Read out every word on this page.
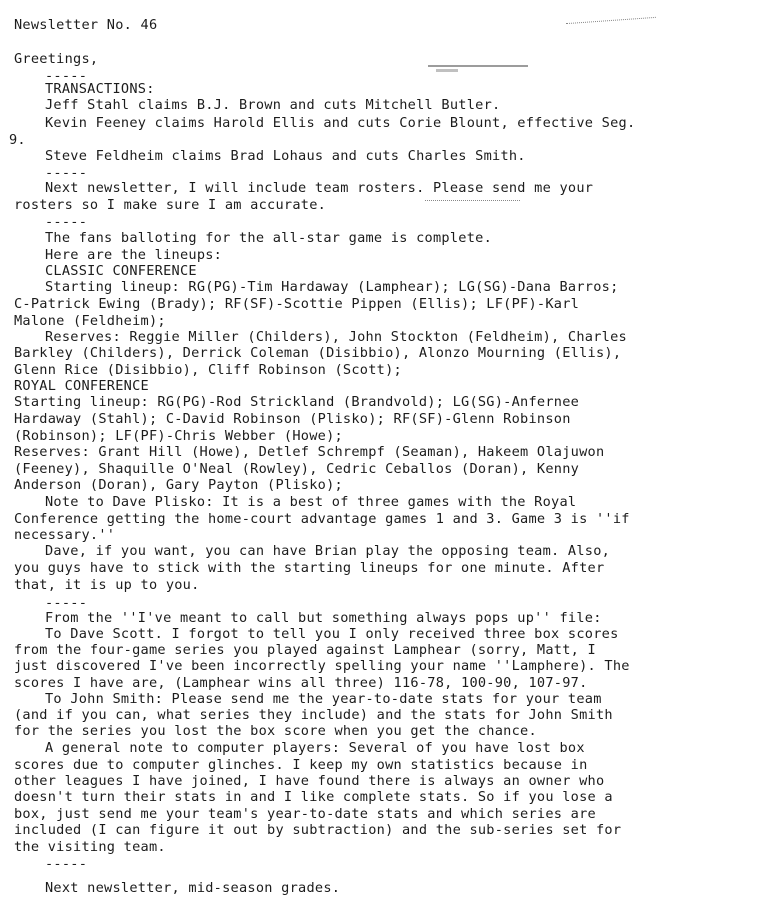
Newsletter No. 46
Greetings,
-----
TRANSACTIONS:
Jeff Stahl claims B.J. Brown and cuts Mitchell Butler.
Kevin Feeney claims Harold Ellis and cuts Corie Blount, effective Seg.
9.
Steve Feldheim claims Brad Lohaus and cuts Charles Smith.
-----
Next newsletter, I will include team rosters. Please send me your
rosters so I make sure I am accurate.
-----
The fans balloting for the all-star game is complete.
Here are the lineups:
CLASSIC CONFERENCE
Starting lineup: RG(PG)-Tim Hardaway (Lamphear); LG(SG)-Dana Barros;
C-Patrick Ewing (Brady); RF(SF)-Scottie Pippen (Ellis); LF(PF)-Karl
Malone (Feldheim);
Reserves: Reggie Miller (Childers), John Stockton (Feldheim), Charles
Barkley (Childers), Derrick Coleman (Disibbio), Alonzo Mourning (Ellis),
Glenn Rice (Disibbio), Cliff Robinson (Scott);
ROYAL CONFERENCE
Starting lineup: RG(PG)-Rod Strickland (Brandvold); LG(SG)-Anfernee
Hardaway (Stahl); C-David Robinson (Plisko); RF(SF)-Glenn Robinson
(Robinson); LF(PF)-Chris Webber (Howe);
Reserves: Grant Hill (Howe), Detlef Schrempf (Seaman), Hakeem Olajuwon
(Feeney), Shaquille O'Neal (Rowley), Cedric Ceballos (Doran), Kenny
Anderson (Doran), Gary Payton (Plisko);
Note to Dave Plisko: It is a best of three games with the Royal
Conference getting the home-court advantage games 1 and 3. Game 3 is ''if
necessary.''
Dave, if you want, you can have Brian play the opposing team. Also,
you guys have to stick with the starting lineups for one minute. After
that, it is up to you.
-----
From the ''I've meant to call but something always pops up'' file:
To Dave Scott. I forgot to tell you I only received three box scores
from the four-game series you played against Lamphear (sorry, Matt, I
just discovered I've been incorrectly spelling your name ''Lamphere). The
scores I have are, (Lamphear wins all three) 116-78, 100-90, 107-97.
To John Smith: Please send me the year-to-date stats for your team
(and if you can, what series they include) and the stats for John Smith
for the series you lost the box score when you get the chance.
A general note to computer players: Several of you have lost box
scores due to computer glinches. I keep my own statistics because in
other leagues I have joined, I have found there is always an owner who
doesn't turn their stats in and I like complete stats. So if you lose a
box, just send me your team's year-to-date stats and which series are
included (I can figure it out by subtraction) and the sub-series set for
the visiting team.
-----
Next newsletter, mid-season grades.
